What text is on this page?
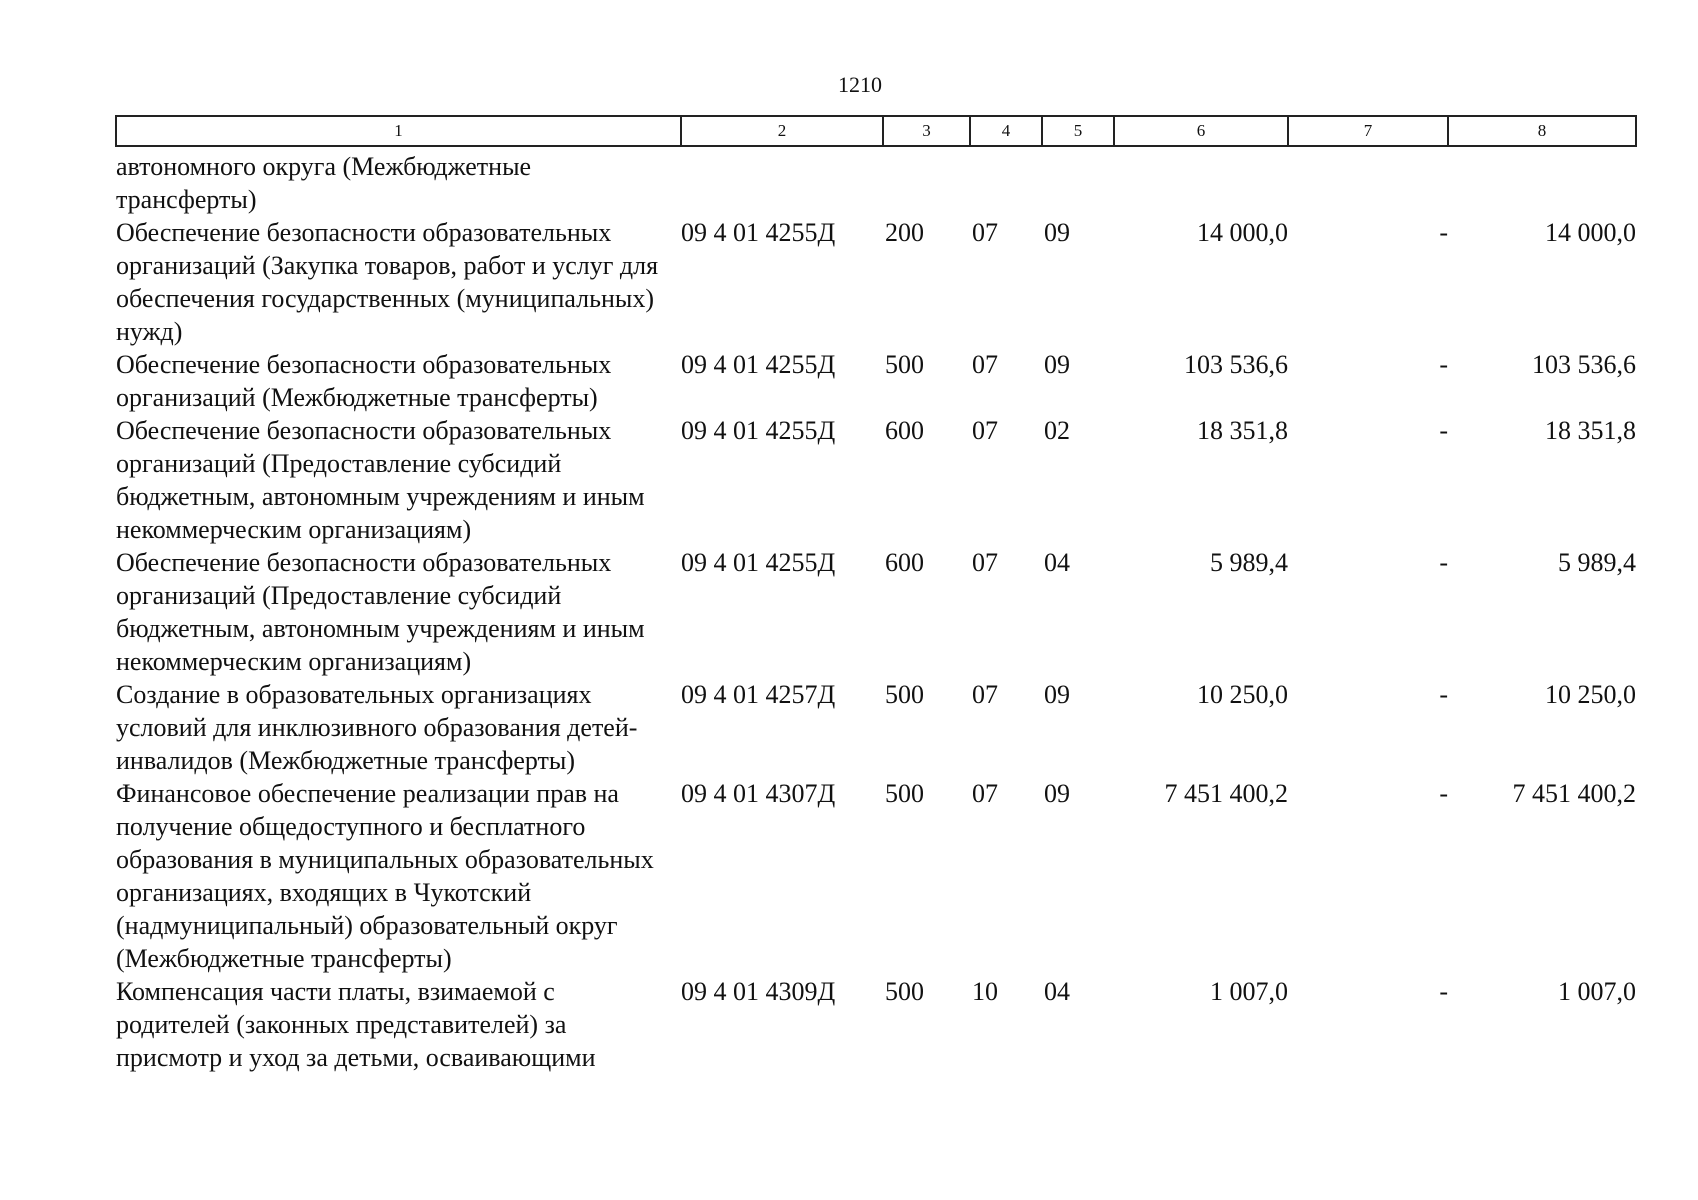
1210
1	2	3	4	5	6	7	8
автономного округа (Межбюджетные трансферты)							
Обеспечение безопасности образовательных организаций (Закупка товаров, работ и услуг для обеспечения государственных (муниципальных) нужд)	09 4 01 4255Д	200	07	09	14 000,0	-	14 000,0
Обеспечение безопасности образовательных организаций (Межбюджетные трансферты)	09 4 01 4255Д	500	07	09	103 536,6	-	103 536,6
Обеспечение безопасности образовательных организаций (Предоставление субсидий бюджетным, автономным учреждениям и иным некоммерческим организациям)	09 4 01 4255Д	600	07	02	18 351,8	-	18 351,8
Обеспечение безопасности образовательных организаций (Предоставление субсидий бюджетным, автономным учреждениям и иным некоммерческим организациям)	09 4 01 4255Д	600	07	04	5 989,4	-	5 989,4
Создание в образовательных организациях условий для инклюзивного образования детей-инвалидов (Межбюджетные трансферты)	09 4 01 4257Д	500	07	09	10 250,0	-	10 250,0
Финансовое обеспечение реализации прав на получение общедоступного и бесплатного образования в муниципальных образовательных организациях, входящих в Чукотский (надмуниципальный) образовательный округ (Межбюджетные трансферты)	09 4 01 4307Д	500	07	09	7 451 400,2	-	7 451 400,2
Компенсация части платы, взимаемой с родителей (законных представителей) за присмотр и уход за детьми, осваивающими	09 4 01 4309Д	500	10	04	1 007,0	-	1 007,0
